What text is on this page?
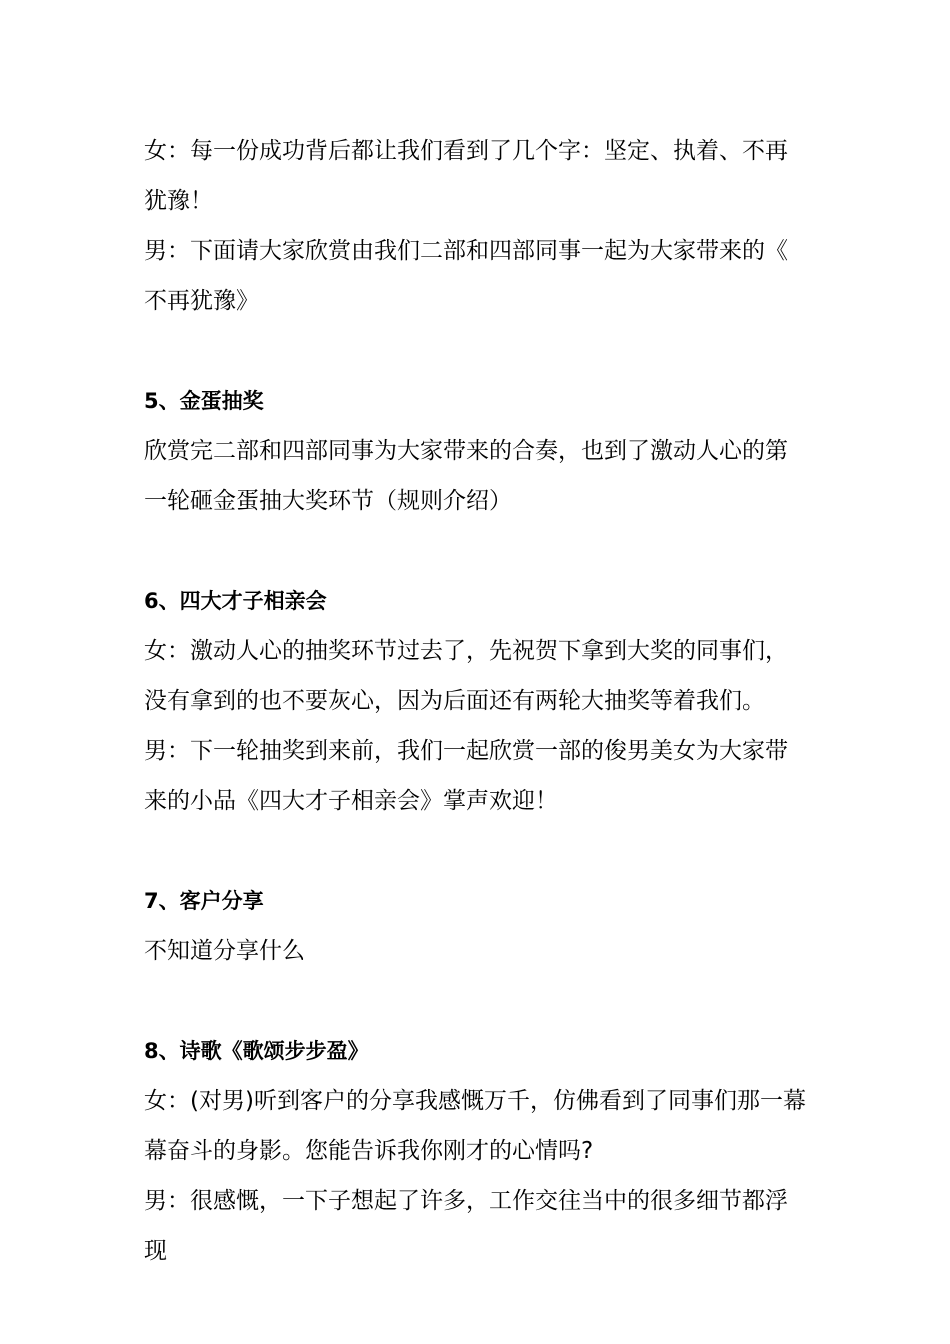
女：每一份成功背后都让我们看到了几个字：坚定、执着、不再犹豫！

男：下面请大家欣赏由我们二部和四部同事一起为大家带来的《不再犹豫》

5、金蛋抽奖

欣赏完二部和四部同事为大家带来的合奏，也到了激动人心的第一轮砸金蛋抽大奖环节（规则介绍）

6、四大才子相亲会

女：激动人心的抽奖环节过去了，先祝贺下拿到大奖的同事们，没有拿到的也不要灰心，因为后面还有两轮大抽奖等着我们。

男：下一轮抽奖到来前，我们一起欣赏一部的俊男美女为大家带来的小品《四大才子相亲会》掌声欢迎！

7、客户分享

不知道分享什么

8、诗歌《歌颂步步盈》

女：(对男)听到客户的分享我感慨万千，仿佛看到了同事们那一幕幕奋斗的身影。您能告诉我你刚才的心情吗?

男：很感慨，一下子想起了许多，工作交往当中的很多细节都浮现
